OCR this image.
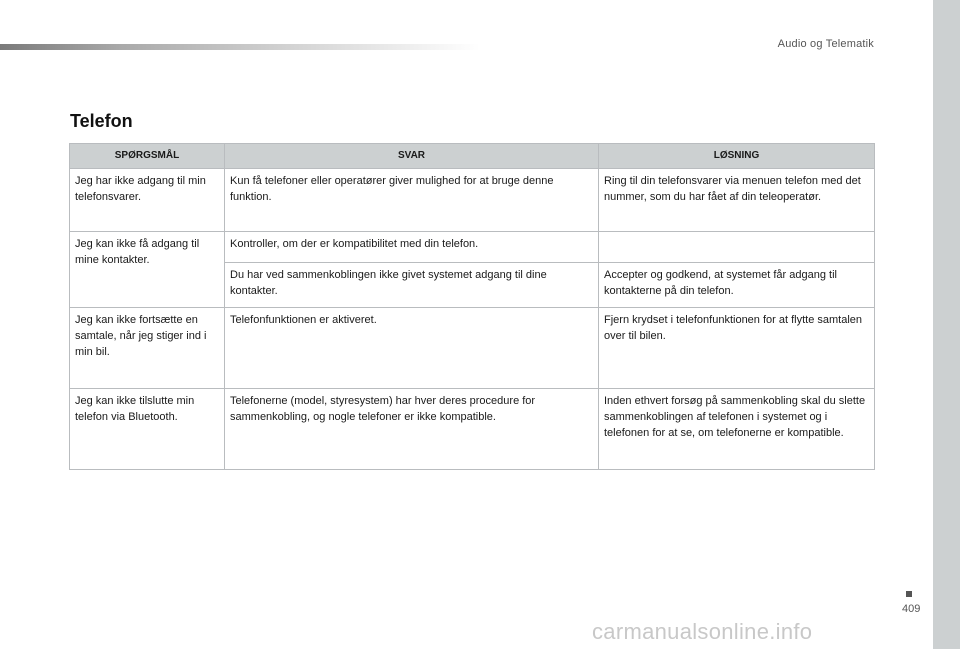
Audio og Telematik
Telefon
SPØRGSMÅL	SVAR	LØSNING
Jeg har ikke adgang til min telefonsvarer.	Kun få telefoner eller operatører giver mulighed for at bruge denne funktion.	Ring til din telefonsvarer via menuen telefon med det nummer, som du har fået af din teleoperatør.
Jeg kan ikke få adgang til mine kontakter.	Kontroller, om der er kompatibilitet med din telefon.	
	Du har ved sammenkoblingen ikke givet systemet adgang til dine kontakter.	Accepter og godkend, at systemet får adgang til kontakterne på din telefon.
Jeg kan ikke fortsætte en samtale, når jeg stiger ind i min bil.	Telefonfunktionen er aktiveret.	Fjern krydset i telefonfunktionen for at flytte samtalen over til bilen.
Jeg kan ikke tilslutte min telefon via Bluetooth.	Telefonerne (model, styresystem) har hver deres procedure for sammenkobling, og nogle telefoner er ikke kompatible.	Inden ethvert forsøg på sammenkobling skal du slette sammenkoblingen af telefonen i systemet og i telefonen for at se, om telefonerne er kompatible.
409
carmanualsonline.info
